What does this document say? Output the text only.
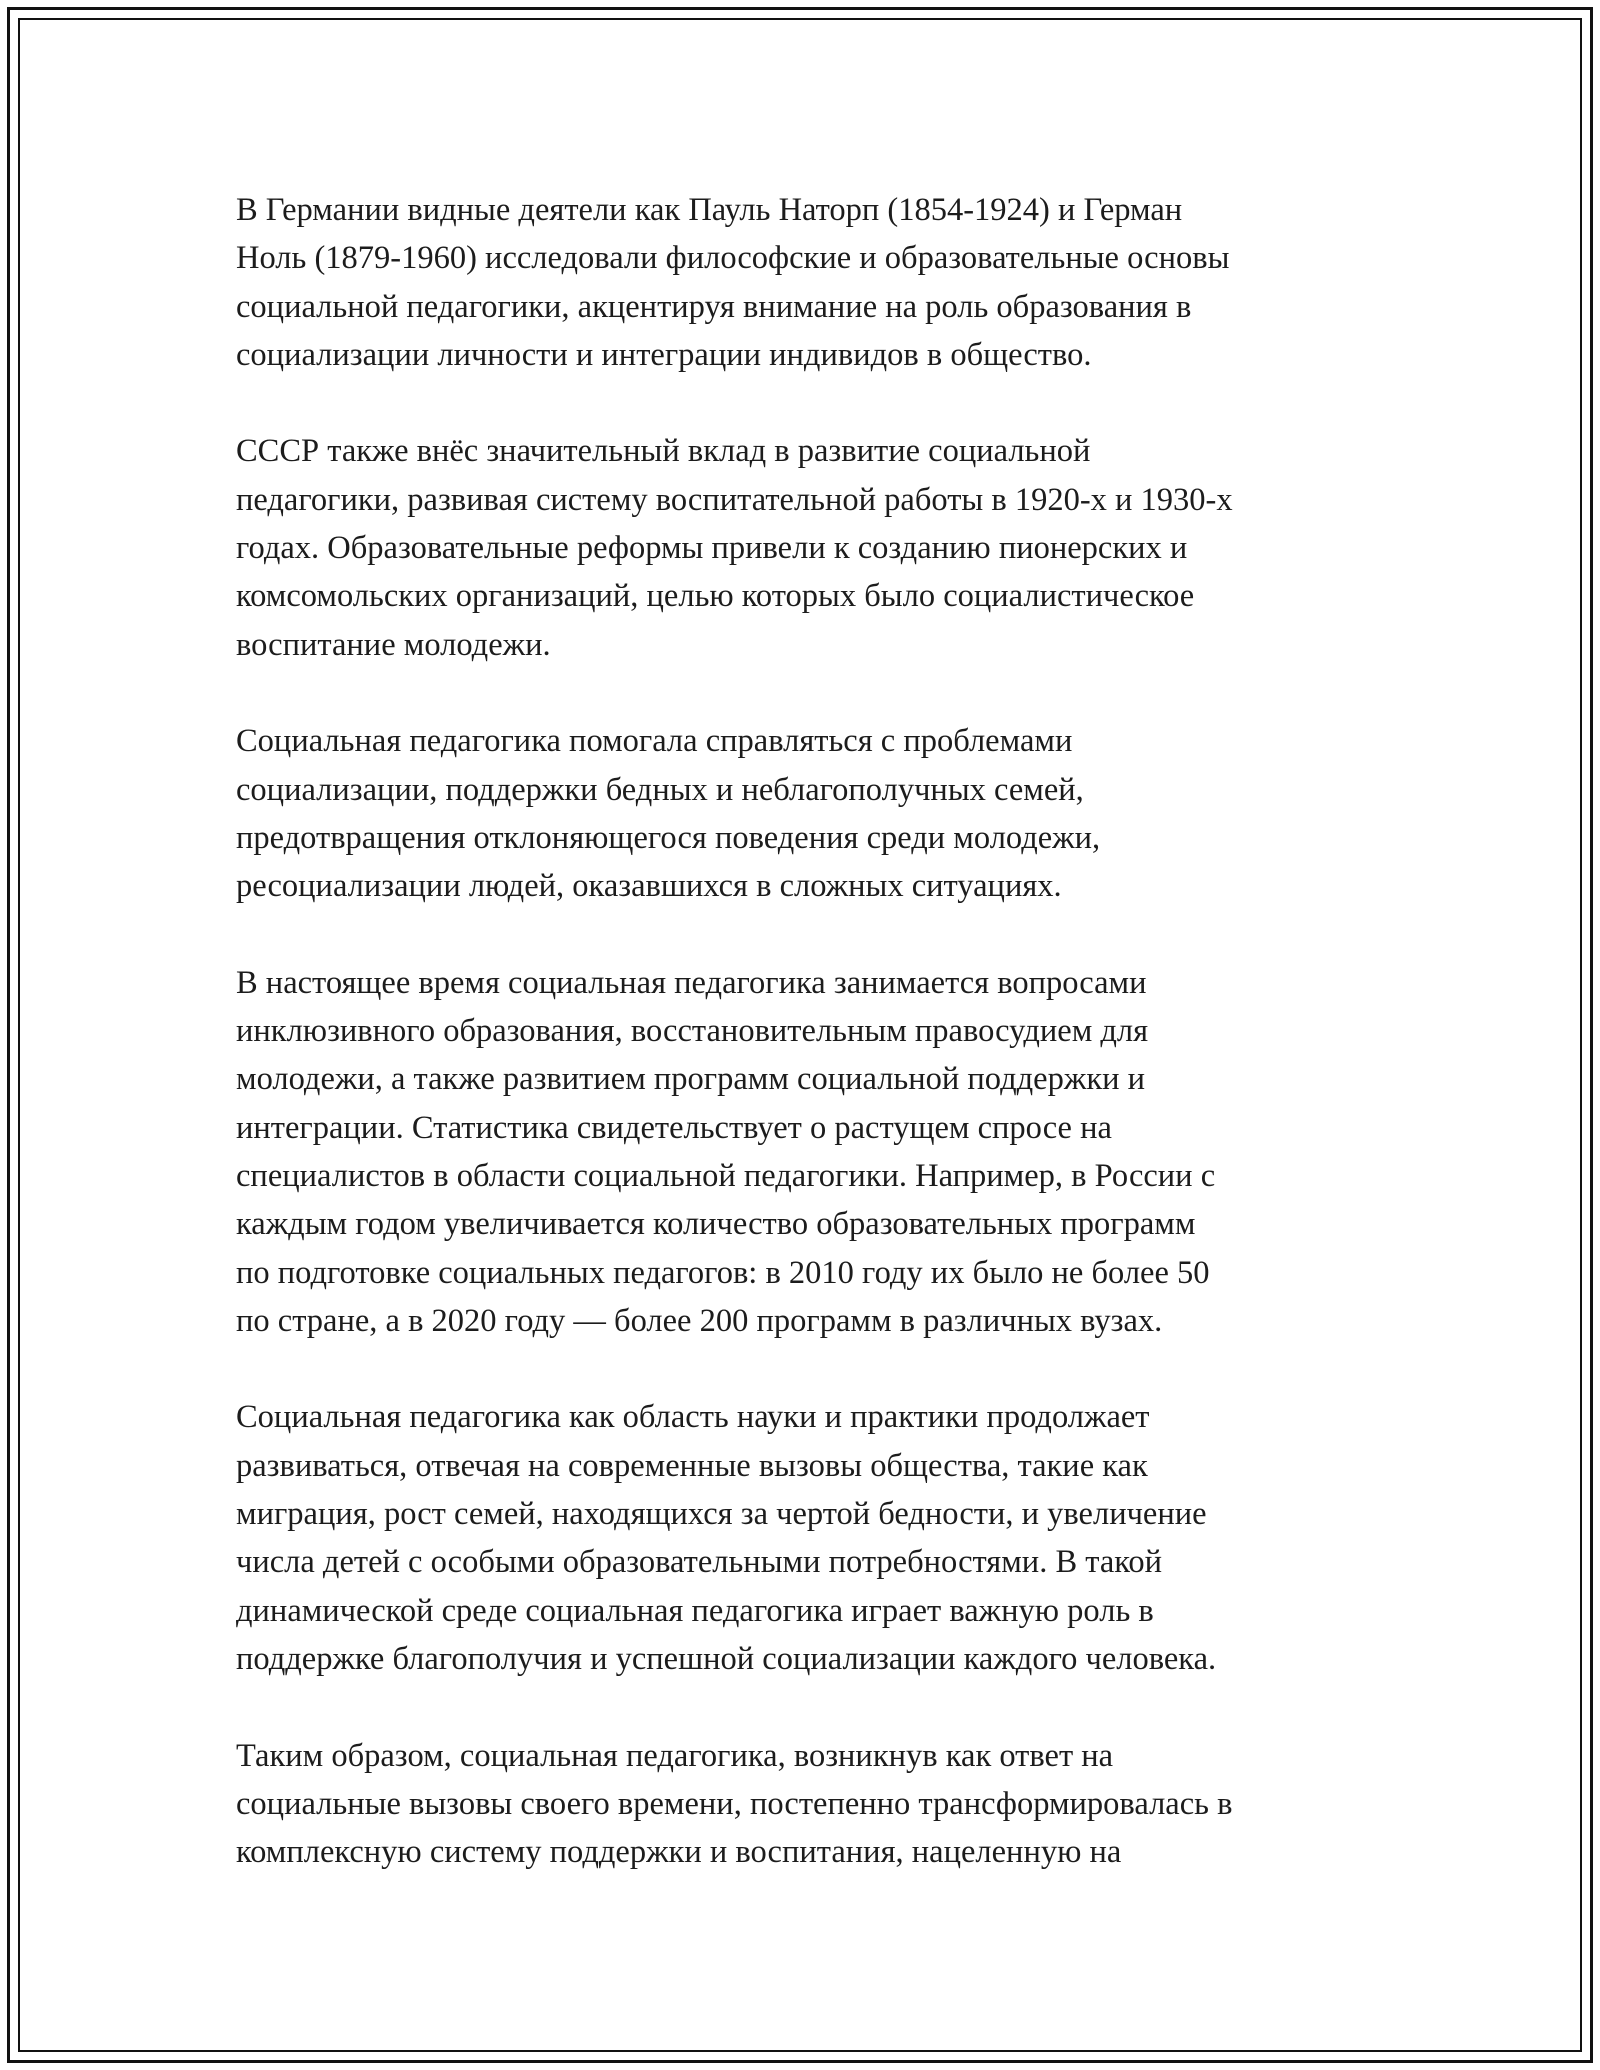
В Германии видные деятели как Пауль Наторп (1854-1924) и Герман
Ноль (1879-1960) исследовали философские и образовательные основы
социальной педагогики, акцентируя внимание на роль образования в
социализации личности и интеграции индивидов в общество.

СССР также внёс значительный вклад в развитие социальной
педагогики, развивая систему воспитательной работы в 1920-х и 1930-х
годах. Образовательные реформы привели к созданию пионерских и
комсомольских организаций, целью которых было социалистическое
воспитание молодежи.

Социальная педагогика помогала справляться с проблемами
социализации, поддержки бедных и неблагополучных семей,
предотвращения отклоняющегося поведения среди молодежи,
ресоциализации людей, оказавшихся в сложных ситуациях.

В настоящее время социальная педагогика занимается вопросами
инклюзивного образования, восстановительным правосудием для
молодежи, а также развитием программ социальной поддержки и
интеграции. Статистика свидетельствует о растущем спросе на
специалистов в области социальной педагогики. Например, в России с
каждым годом увеличивается количество образовательных программ
по подготовке социальных педагогов: в 2010 году их было не более 50
по стране, а в 2020 году — более 200 программ в различных вузах.

Социальная педагогика как область науки и практики продолжает
развиваться, отвечая на современные вызовы общества, такие как
миграция, рост семей, находящихся за чертой бедности, и увеличение
числа детей с особыми образовательными потребностями. В такой
динамической среде социальная педагогика играет важную роль в
поддержке благополучия и успешной социализации каждого человека.

Таким образом, социальная педагогика, возникнув как ответ на
социальные вызовы своего времени, постепенно трансформировалась в
комплексную систему поддержки и воспитания, нацеленную на
